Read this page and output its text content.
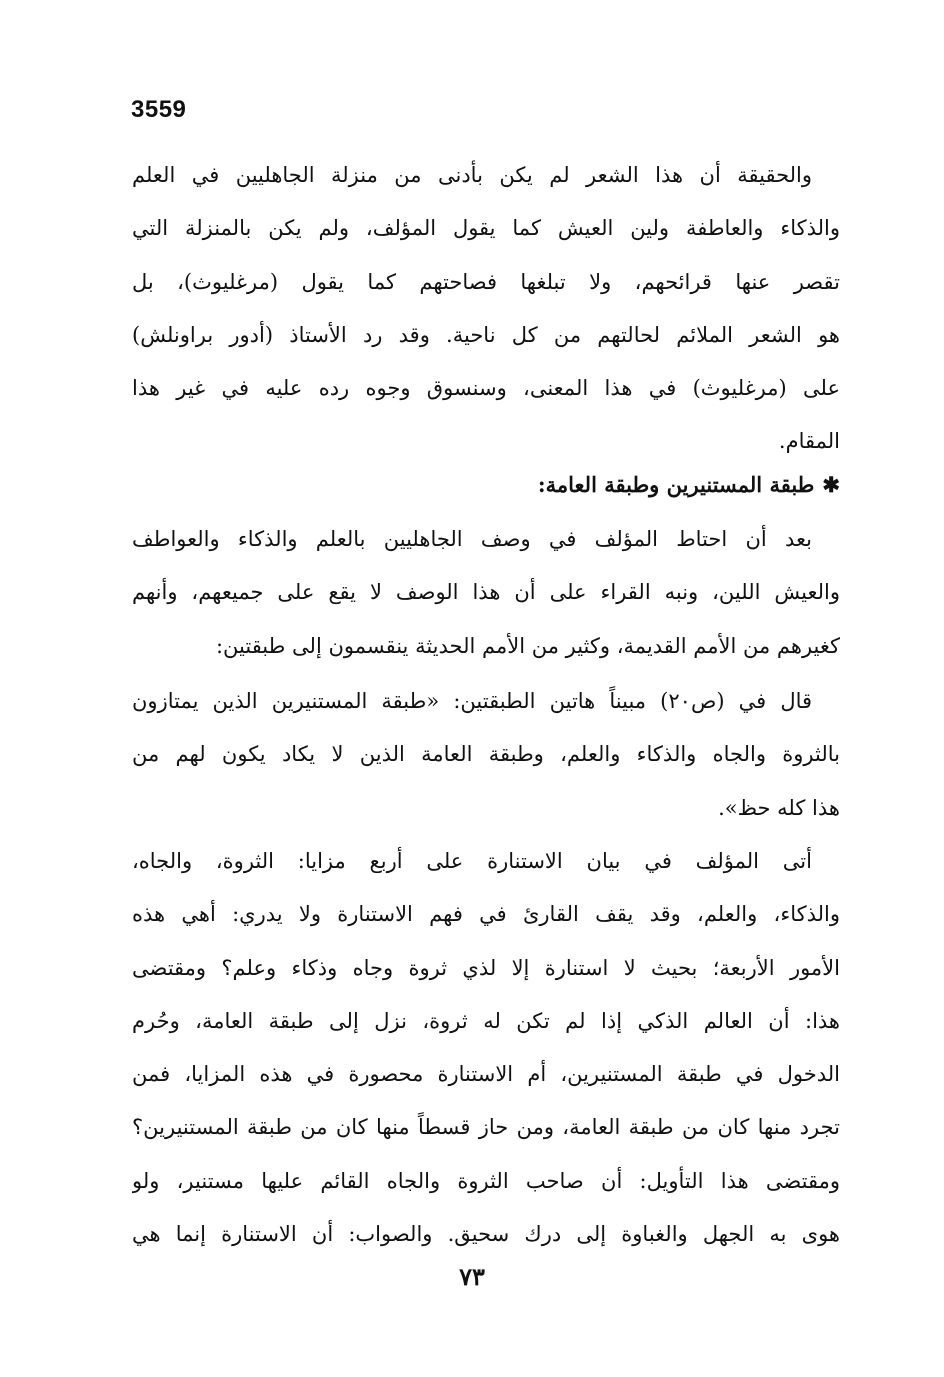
3559
والحقيقة أن هذا الشعر لم يكن بأدنى من منزلة الجاهليين في العلم
والذكاء والعاطفة ولين العيش كما يقول المؤلف، ولم يكن بالمنزلة التي
تقصر عنها قرائحهم، ولا تبلغها فصاحتهم كما يقول (مرغليوث)، بل
هو الشعر الملائم لحالتهم من كل ناحية. وقد رد الأستاذ (أدور براونلش)
على (مرغليوث) في هذا المعنى، وسنسوق وجوه رده عليه في غير هذا
المقام.
✱طبقة المستنيرين وطبقة العامة:
بعد أن احتاط المؤلف في وصف الجاهليين بالعلم والذكاء والعواطف
والعيش اللين، ونبه القراء على أن هذا الوصف لا يقع على جميعهم، وأنهم
كغيرهم من الأمم القديمة، وكثير من الأمم الحديثة ينقسمون إلى طبقتين:
قال في (ص٢٠) مبيناً هاتين الطبقتين: «طبقة المستنيرين الذين يمتازون
بالثروة والجاه والذكاء والعلم، وطبقة العامة الذين لا يكاد يكون لهم من
هذا كله حظ».
أتى المؤلف في بيان الاستنارة على أربع مزايا: الثروة، والجاه،
والذكاء، والعلم، وقد يقف القارئ في فهم الاستنارة ولا يدري: أهي هذه
الأمور الأربعة؛ بحيث لا استنارة إلا لذي ثروة وجاه وذكاء وعلم؟ ومقتضى
هذا: أن العالم الذكي إذا لم تكن له ثروة، نزل إلى طبقة العامة، وحُرم
الدخول في طبقة المستنيرين، أم الاستنارة محصورة في هذه المزايا، فمن
تجرد منها كان من طبقة العامة، ومن حاز قسطاً منها كان من طبقة المستنيرين؟
ومقتضى هذا التأويل: أن صاحب الثروة والجاه القائم عليها مستنير، ولو
هوى به الجهل والغباوة إلى درك سحيق. والصواب: أن الاستنارة إنما هي
٧٣
